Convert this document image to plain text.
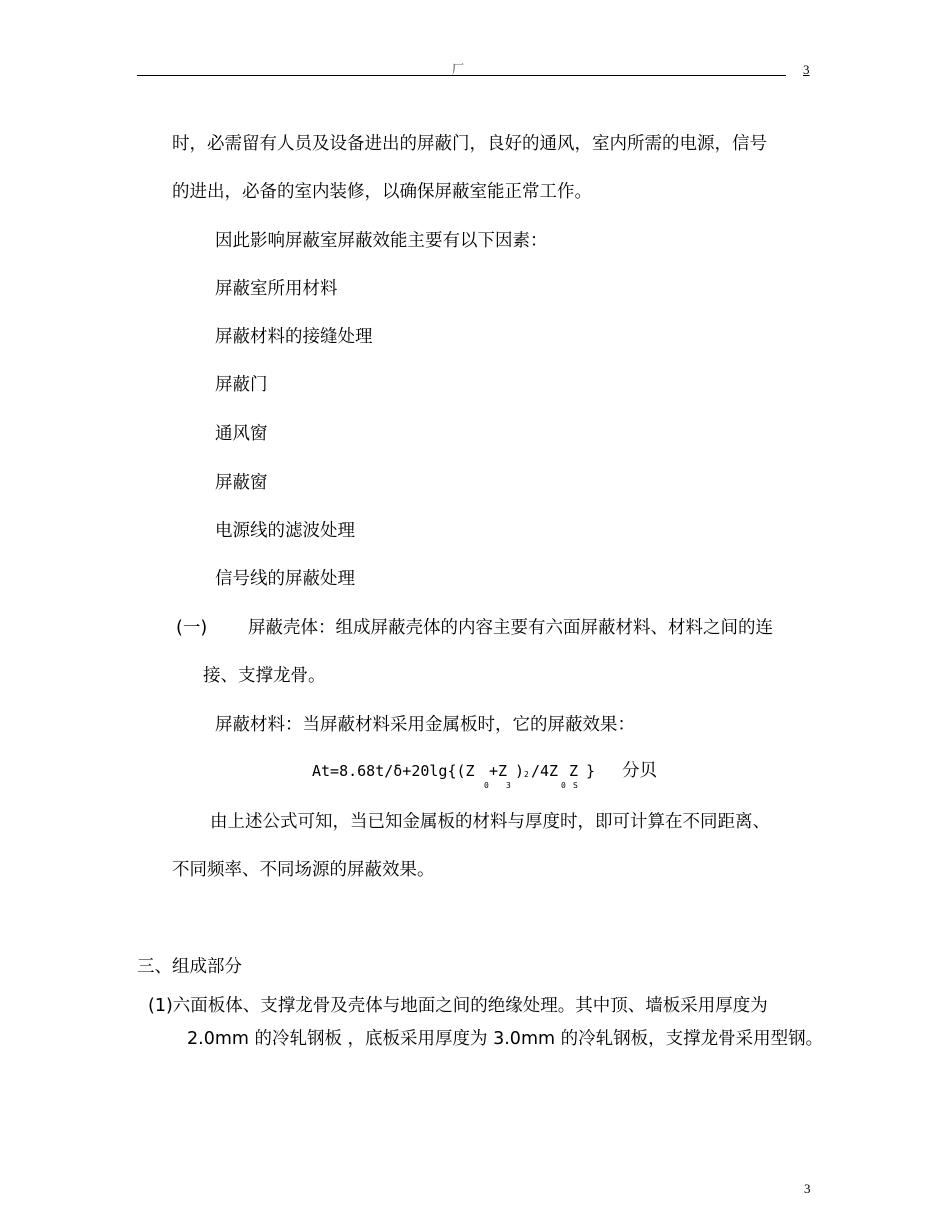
厂	3
时，必需留有人员及设备进出的屏蔽门，良好的通风，室内所需的电源，信号
的进出，必备的室内装修，以确保屏蔽室能正常工作。
因此影响屏蔽室屏蔽效能主要有以下因素：
屏蔽室所用材料
屏蔽材料的接缝处理
屏蔽门
通风窗
屏蔽窗
电源线的滤波处理
信号线的屏蔽处理
(一) 屏蔽壳体：组成屏蔽壳体的内容主要有六面屏蔽材料、材料之间的连
接、支撑龙骨。
屏蔽材料：当屏蔽材料采用金属板时，它的屏蔽效果：
At=8.68t/δ+20lg{(Z
0
+Z
3
) 2 /4Z
0
Z
S
} 分贝
由上述公式可知，当已知金属板的材料与厚度时，即可计算在不同距离、
不同频率、不同场源的屏蔽效果。
三、组成部分
(1)六面板体、支撑龙骨及壳体与地面之间的绝缘处理。其中顶、墙板采用厚度为
2.0mm 的冷轧钢板 ，底板采用厚度为 3.0mm 的冷轧钢板，支撑龙骨采用型钢。
3
